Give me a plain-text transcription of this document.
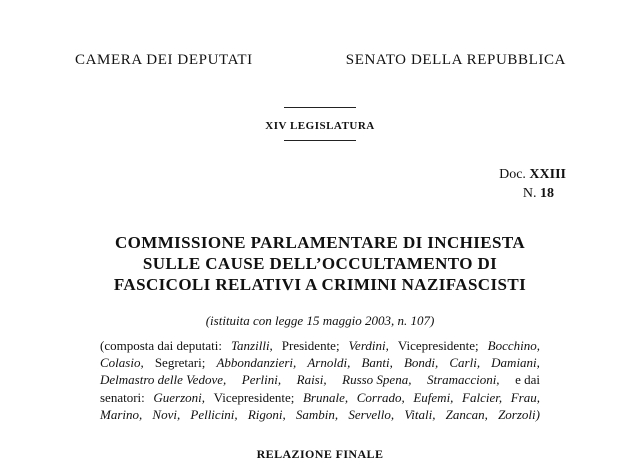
CAMERA DEI DEPUTATI	SENATO DELLA REPUBBLICA
XIV LEGISLATURA
Doc. XXIII
N. 18
COMMISSIONE PARLAMENTARE DI INCHIESTA
SULLE CAUSE DELL’OCCULTAMENTO DI
FASCICOLI RELATIVI A CRIMINI NAZIFASCISTI
(istituita con legge 15 maggio 2003, n. 107)
(composta dai deputati: Tanzilli, Presidente; Verdini, Vicepresidente; Bocchino,
Colasio, Segretari; Abbondanzieri, Arnoldi, Banti, Bondi, Carli, Damiani,
Delmastro delle Vedove, Perlini, Raisi, Russo Spena, Stramaccioni, e dai
senatori: Guerzoni, Vicepresidente; Brunale, Corrado, Eufemi, Falcier, Frau,
Marino, Novi, Pellicini, Rigoni, Sambin, Servello, Vitali, Zancan, Zorzoli)
RELAZIONE FINALE
